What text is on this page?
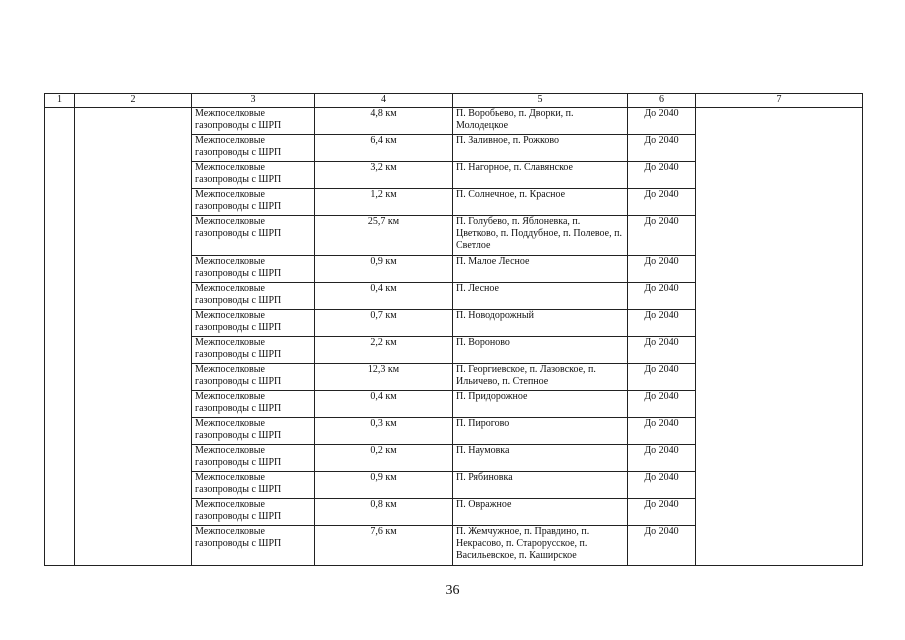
1	2	3	4	5	6	7
		Межпоселковые газопроводы с ШРП	4,8 км	П. Воробьево, п. Дворки, п. Молодецкое	До 2040	
		Межпоселковые газопроводы с ШРП	6,4 км	П. Заливное, п. Рожково	До 2040	
		Межпоселковые газопроводы с ШРП	3,2 км	П. Нагорное, п. Славянское	До 2040	
		Межпоселковые газопроводы с ШРП	1,2 км	П. Солнечное, п. Красное	До 2040	
		Межпоселковые газопроводы с ШРП	25,7 км	П. Голубево, п. Яблоневка, п. Цветково, п. Поддубное, п. Полевое, п. Светлое	До 2040	
		Межпоселковые газопроводы с ШРП	0,9 км	П. Малое Лесное	До 2040	
		Межпоселковые газопроводы с ШРП	0,4 км	П. Лесное	До 2040	
		Межпоселковые газопроводы с ШРП	0,7 км	П. Новодорожный	До 2040	
		Межпоселковые газопроводы с ШРП	2,2 км	П. Вороново	До 2040	
		Межпоселковые газопроводы с ШРП	12,3 км	П. Георгиевское, п. Лазовское, п. Ильичево, п. Степное	До 2040	
		Межпоселковые газопроводы с ШРП	0,4 км	П. Придорожное	До 2040	
		Межпоселковые газопроводы с ШРП	0,3 км	П. Пирогово	До 2040	
		Межпоселковые газопроводы с ШРП	0,2 км	П. Наумовка	До 2040	
		Межпоселковые газопроводы с ШРП	0,9 км	П. Рябиновка	До 2040	
		Межпоселковые газопроводы с ШРП	0,8 км	П. Овражное	До 2040	
		Межпоселковые газопроводы с ШРП	7,6 км	П. Жемчужное, п. Правдино, п. Некрасово, п. Старорусское, п. Васильевское, п. Каширское	До 2040	
36
